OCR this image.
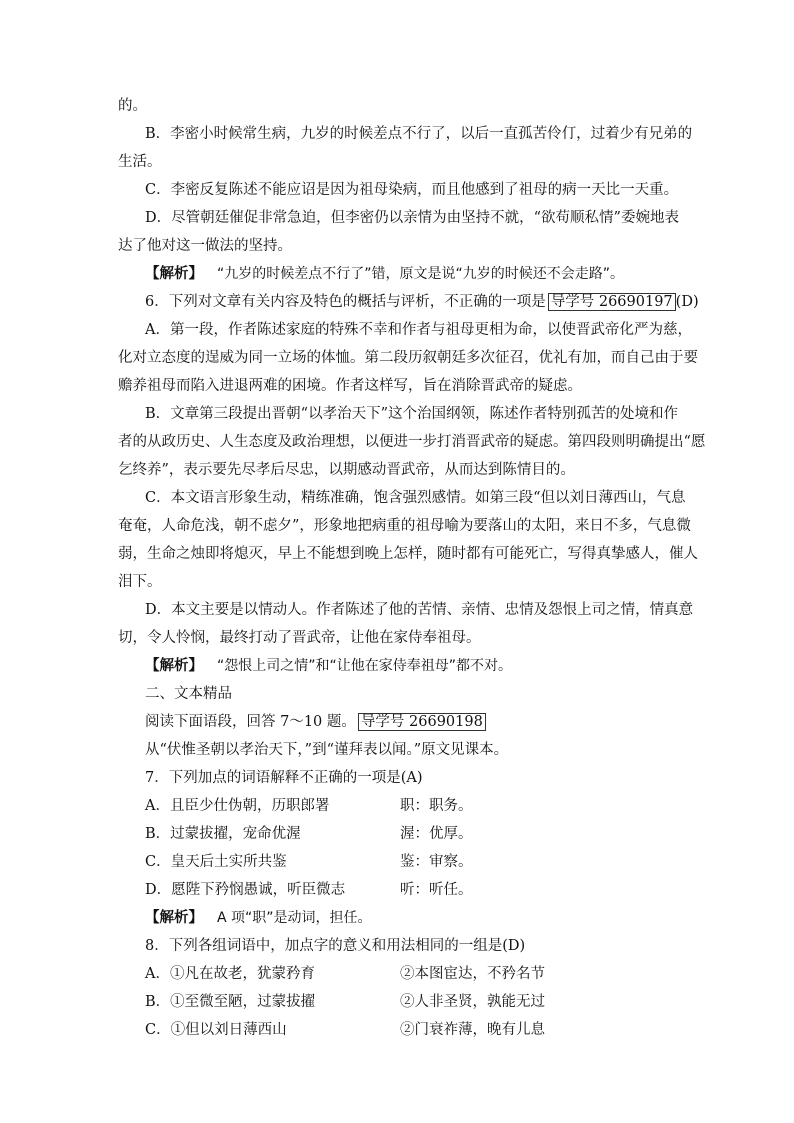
的。
B．李密小时候常生病，九岁的时候差点不行了，以后一直孤苦伶仃，过着少有兄弟的
生活。
C．李密反复陈述不能应诏是因为祖母染病，而且他感到了祖母的病一天比一天重。
D．尽管朝廷催促非常急迫，但李密仍以亲情为由坚持不就，“欲苟顺私情”委婉地表
达了他对这一做法的坚持。
【解析】 “九岁的时候差点不行了”错，原文是说“九岁的时候还不会走路”。
6．下列对文章有关内容及特色的概括与评析，不正确的一项是 导学号 26690197 (D)
A．第一段，作者陈述家庭的特殊不幸和作者与祖母更相为命，以使晋武帝化严为慈，
化对立态度的逞威为同一立场的体恤。第二段历叙朝廷多次征召，优礼有加，而自己由于要
赡养祖母而陷入进退两难的困境。作者这样写，旨在消除晋武帝的疑虑。
B．文章第三段提出晋朝“以孝治天下”这个治国纲领，陈述作者特别孤苦的处境和作
者的从政历史、人生态度及政治理想，以便进一步打消晋武帝的疑虑。第四段则明确提出“愿
乞终养”，表示要先尽孝后尽忠，以期感动晋武帝，从而达到陈情目的。
C．本文语言形象生动，精练准确，饱含强烈感情。如第三段“但以刘日薄西山，气息
奄奄，人命危浅，朝不虑夕”，形象地把病重的祖母喻为要落山的太阳，来日不多，气息微
弱，生命之烛即将熄灭，早上不能想到晚上怎样，随时都有可能死亡，写得真挚感人，催人
泪下。
D．本文主要是以情动人。作者陈述了他的苦情、亲情、忠情及怨恨上司之情，情真意
切，令人怜悯，最终打动了晋武帝，让他在家侍奉祖母。
【解析】 “怨恨上司之情”和“让他在家侍奉祖母”都不对。
二、文本精品
阅读下面语段，回答 7～10 题。 导学号 26690198
从“伏惟圣朝以孝治天下，”到“谨拜表以闻。”原文见课本。
7．下列加点的词语解释不正确的一项是(A)
A．且臣少仕伪朝，历职郎署	职：职务。
B．过蒙拔擢，宠命优渥	渥：优厚。
C．皇天后土实所共鉴	鉴：审察。
D．愿陛下矜悯愚诚，听臣微志	听：听任。
【解析】 A 项“职”是动词，担任。
8．下列各组词语中，加点字的意义和用法相同的一组是(D)
A．①凡在故老，犹蒙矜育	②本图宦达，不矜名节
B．①至微至陋，过蒙拔擢	②人非圣贤，孰能无过
C．①但以刘日薄西山	②门衰祚薄，晚有儿息
